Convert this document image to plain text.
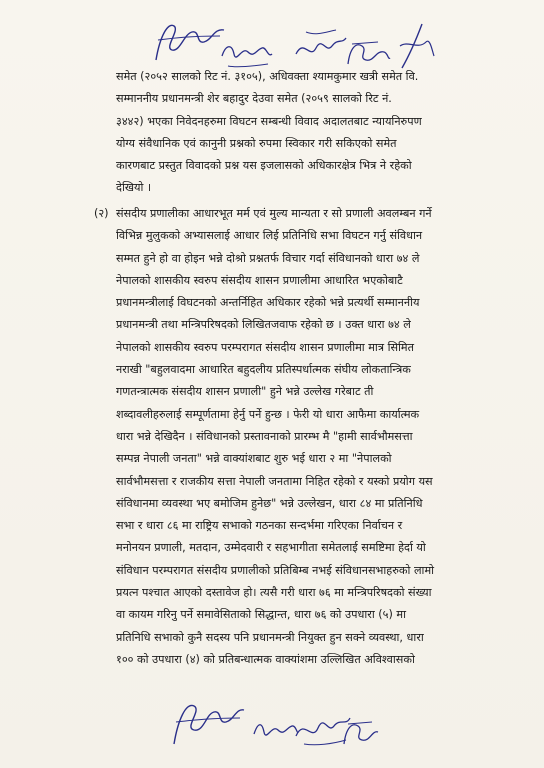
समेत (२०५२ सालको रिट नं. ३१०५), अधिवक्ता श्यामकुमार खत्री समेत वि.
सम्माननीय प्रधानमन्त्री शेर बहादुर देउवा समेत (२०५९ सालको रिट नं.
३४४२) भएका निवेदनहरुमा विघटन सम्बन्धी विवाद अदालतबाट न्यायनिरुपण
योग्य संवैधानिक एवं कानुनी प्रश्नको रुपमा स्विकार गरी सकिएको समेत
कारणबाट प्रस्तुत विवादको प्रश्न यस इजलासको अधिकारक्षेत्र भित्र ने रहेको
देखियो ।
(२) संसदीय प्रणालीका आधारभूत मर्म एवं मुल्य मान्यता र सो प्रणाली अवलम्बन गर्ने
विभिन्न मुलुकको अभ्यासलाई आधार लिई प्रतिनिधि सभा विघटन गर्नु संविधान
सम्मत हुने हो वा होइन भन्ने दोश्रो प्रश्नतर्फ विचार गर्दा संविधानको धारा ७४ ले
नेपालको शासकीय स्वरुप संसदीय शासन प्रणालीमा आधारित भएकोबाटै
प्रधानमन्त्रीलाई विघटनको अन्तर्निहित अधिकार रहेको भन्ने प्रत्यर्थी सम्माननीय
प्रधानमन्त्री तथा मन्त्रिपरिषदको लिखितजवाफ रहेको छ । उक्त धारा ७४ ले
नेपालको शासकीय स्वरुप परम्परागत संसदीय शासन प्रणालीमा मात्र सिमित
नराखी "बहुलवादमा आधारित बहुदलीय प्रतिस्पर्धात्मक संघीय लोकतान्त्रिक
गणतन्त्रात्मक संसदीय शासन प्रणाली" हुने भन्ने उल्लेख गरेबाट ती
शब्दावलीहरुलाई सम्पूर्णतामा हेर्नु पर्ने हुन्छ । फेरी यो धारा आफैमा कार्यात्मक
धारा भन्ने देखिदैन । संविधानको प्रस्तावनाको प्रारम्भ मै "हामी सार्वभौमसत्ता
सम्पन्न नेपाली जनता" भन्ने वाक्यांशबाट शुरु भई धारा २ मा "नेपालको
सार्वभौमसत्ता र राजकीय सत्ता नेपाली जनतामा निहित रहेको र यस्को प्रयोग यस
संविधानमा व्यवस्था भए बमोजिम हुनेछ" भन्ने उल्लेखन, धारा ८४ मा प्रतिनिधि
सभा र धारा ८६ मा राष्ट्रिय सभाको गठनका सन्दर्भमा गरिएका निर्वाचन र
मनोनयन प्रणाली, मतदान, उम्मेदवारी र सहभागीता समेतलाई समष्टिमा हेर्दा यो
संविधान परम्परागत संसदीय प्रणालीको प्रतिबिम्ब नभई संविधानसभाहरुको लामो
प्रयत्न पश्चात आएको दस्तावेज हो। त्यसै गरी धारा ७६ मा मन्त्रिपरिषदको संख्या
वा कायम गरिनु पर्ने समावेसिताको सिद्धान्त, धारा ७६ को उपधारा (५) मा
प्रतिनिधि सभाको कुनै सदस्य पनि प्रधानमन्त्री नियुक्त हुन सक्ने व्यवस्था, धारा
१०० को उपधारा (४) को प्रतिबन्धात्मक वाक्यांशमा उल्लिखित अविश्वासको
